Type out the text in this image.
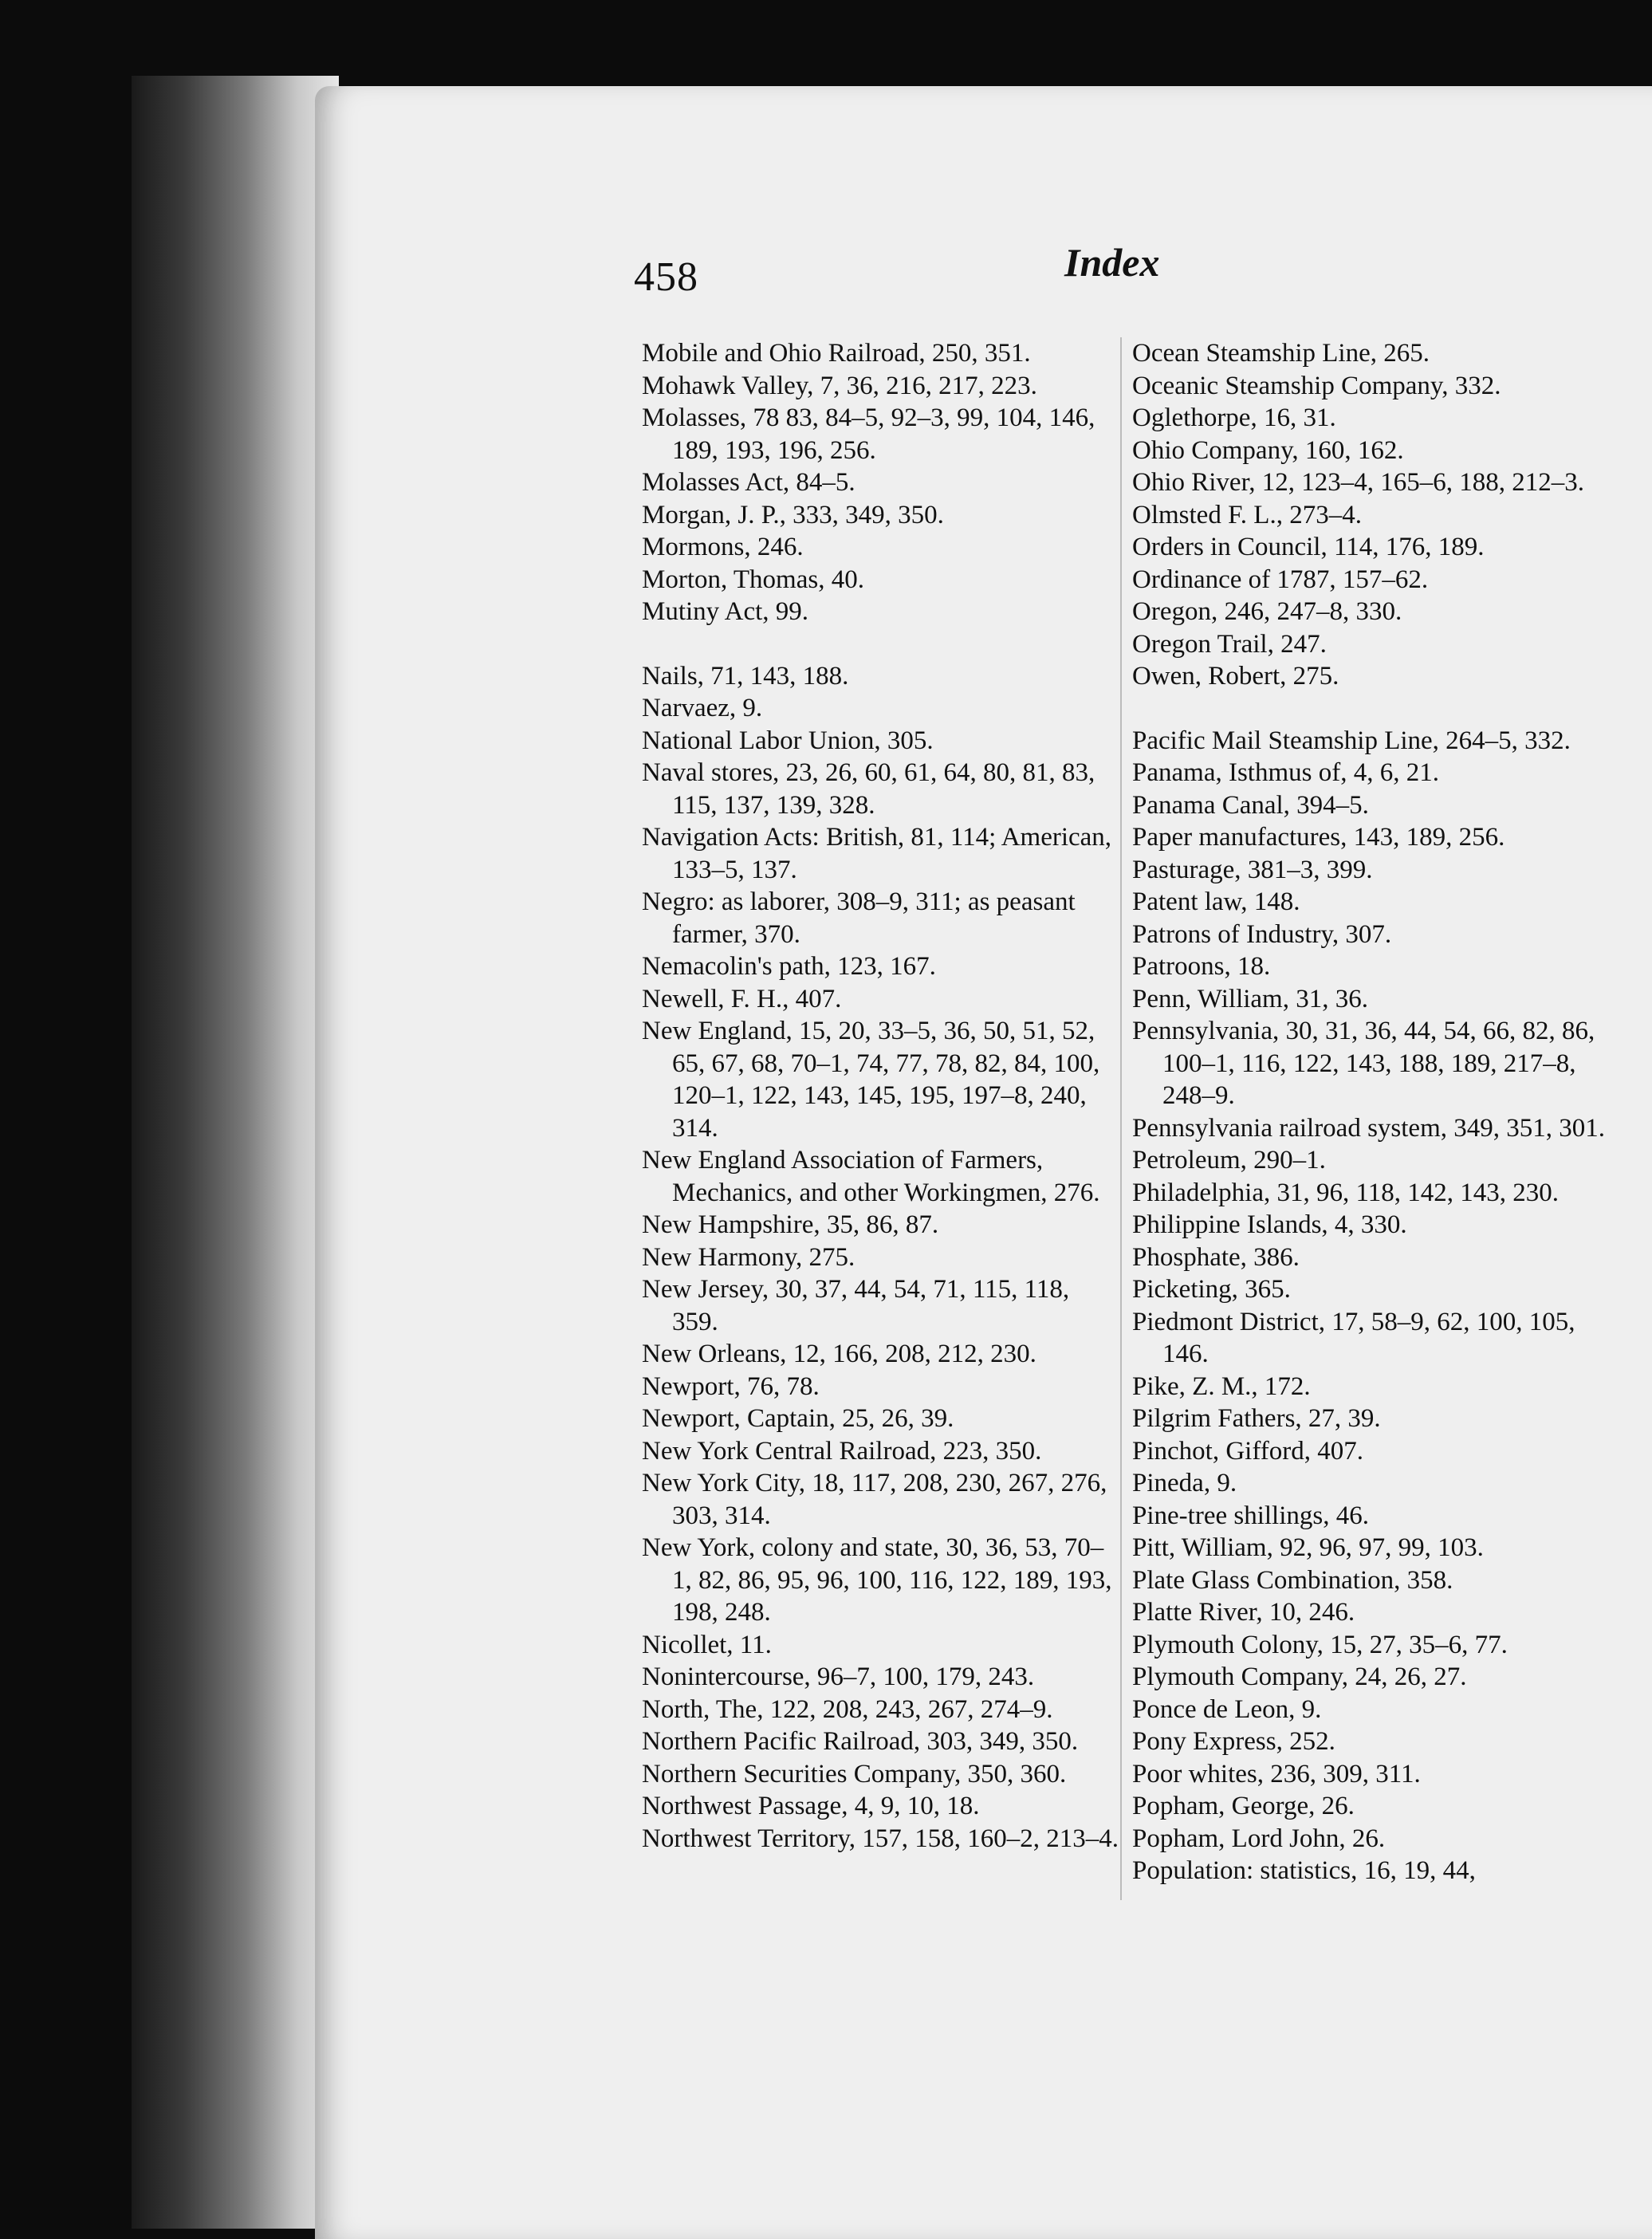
458	Index

Mobile and Ohio Railroad, 250, 351.

Mohawk Valley, 7, 36, 216, 217, 223.

Molasses, 78 83, 84–5, 92–3, 99, 104, 146, 189, 193, 196, 256.

Molasses Act, 84–5.

Morgan, J. P., 333, 349, 350.

Mormons, 246.

Morton, Thomas, 40.

Mutiny Act, 99.

Nails, 71, 143, 188.

Narvaez, 9.

National Labor Union, 305.

Naval stores, 23, 26, 60, 61, 64, 80, 81, 83, 115, 137, 139, 328.

Navigation Acts: British, 81, 114; American, 133–5, 137.

Negro: as laborer, 308–9, 311; as peasant farmer, 370.

Nemacolin's path, 123, 167.

Newell, F. H., 407.

New England, 15, 20, 33–5, 36, 50, 51, 52, 65, 67, 68, 70–1, 74, 77, 78, 82, 84, 100, 120–1, 122, 143, 145, 195, 197–8, 240, 314.

New England Association of Farmers, Mechanics, and other Workingmen, 276.

New Hampshire, 35, 86, 87.

New Harmony, 275.

New Jersey, 30, 37, 44, 54, 71, 115, 118, 359.

New Orleans, 12, 166, 208, 212, 230.

Newport, 76, 78.

Newport, Captain, 25, 26, 39.

New York Central Railroad, 223, 350.

New York City, 18, 117, 208, 230, 267, 276, 303, 314.

New York, colony and state, 30, 36, 53, 70–1, 82, 86, 95, 96, 100, 116, 122, 189, 193, 198, 248.

Nicollet, 11.

Nonintercourse, 96–7, 100, 179, 243.

North, The, 122, 208, 243, 267, 274–9.

Northern Pacific Railroad, 303, 349, 350.

Northern Securities Company, 350, 360.

Northwest Passage, 4, 9, 10, 18.

Northwest Territory, 157, 158, 160–2, 213–4.

Ocean Steamship Line, 265.

Oceanic Steamship Company, 332.

Oglethorpe, 16, 31.

Ohio Company, 160, 162.

Ohio River, 12, 123–4, 165–6, 188, 212–3.

Olmsted F. L., 273–4.

Orders in Council, 114, 176, 189.

Ordinance of 1787, 157–62.

Oregon, 246, 247–8, 330.

Oregon Trail, 247.

Owen, Robert, 275.

Pacific Mail Steamship Line, 264–5, 332.

Panama, Isthmus of, 4, 6, 21.

Panama Canal, 394–5.

Paper manufactures, 143, 189, 256.

Pasturage, 381–3, 399.

Patent law, 148.

Patrons of Industry, 307.

Patroons, 18.

Penn, William, 31, 36.

Pennsylvania, 30, 31, 36, 44, 54, 66, 82, 86, 100–1, 116, 122, 143, 188, 189, 217–8, 248–9.

Pennsylvania railroad system, 349, 351, 301.

Petroleum, 290–1.

Philadelphia, 31, 96, 118, 142, 143, 230.

Philippine Islands, 4, 330.

Phosphate, 386.

Picketing, 365.

Piedmont District, 17, 58–9, 62, 100, 105, 146.

Pike, Z. M., 172.

Pilgrim Fathers, 27, 39.

Pinchot, Gifford, 407.

Pineda, 9.

Pine-tree shillings, 46.

Pitt, William, 92, 96, 97, 99, 103.

Plate Glass Combination, 358.

Platte River, 10, 246.

Plymouth Colony, 15, 27, 35–6, 77.

Plymouth Company, 24, 26, 27.

Ponce de Leon, 9.

Pony Express, 252.

Poor whites, 236, 309, 311.

Popham, George, 26.

Popham, Lord John, 26.

Population: statistics, 16, 19, 44,
